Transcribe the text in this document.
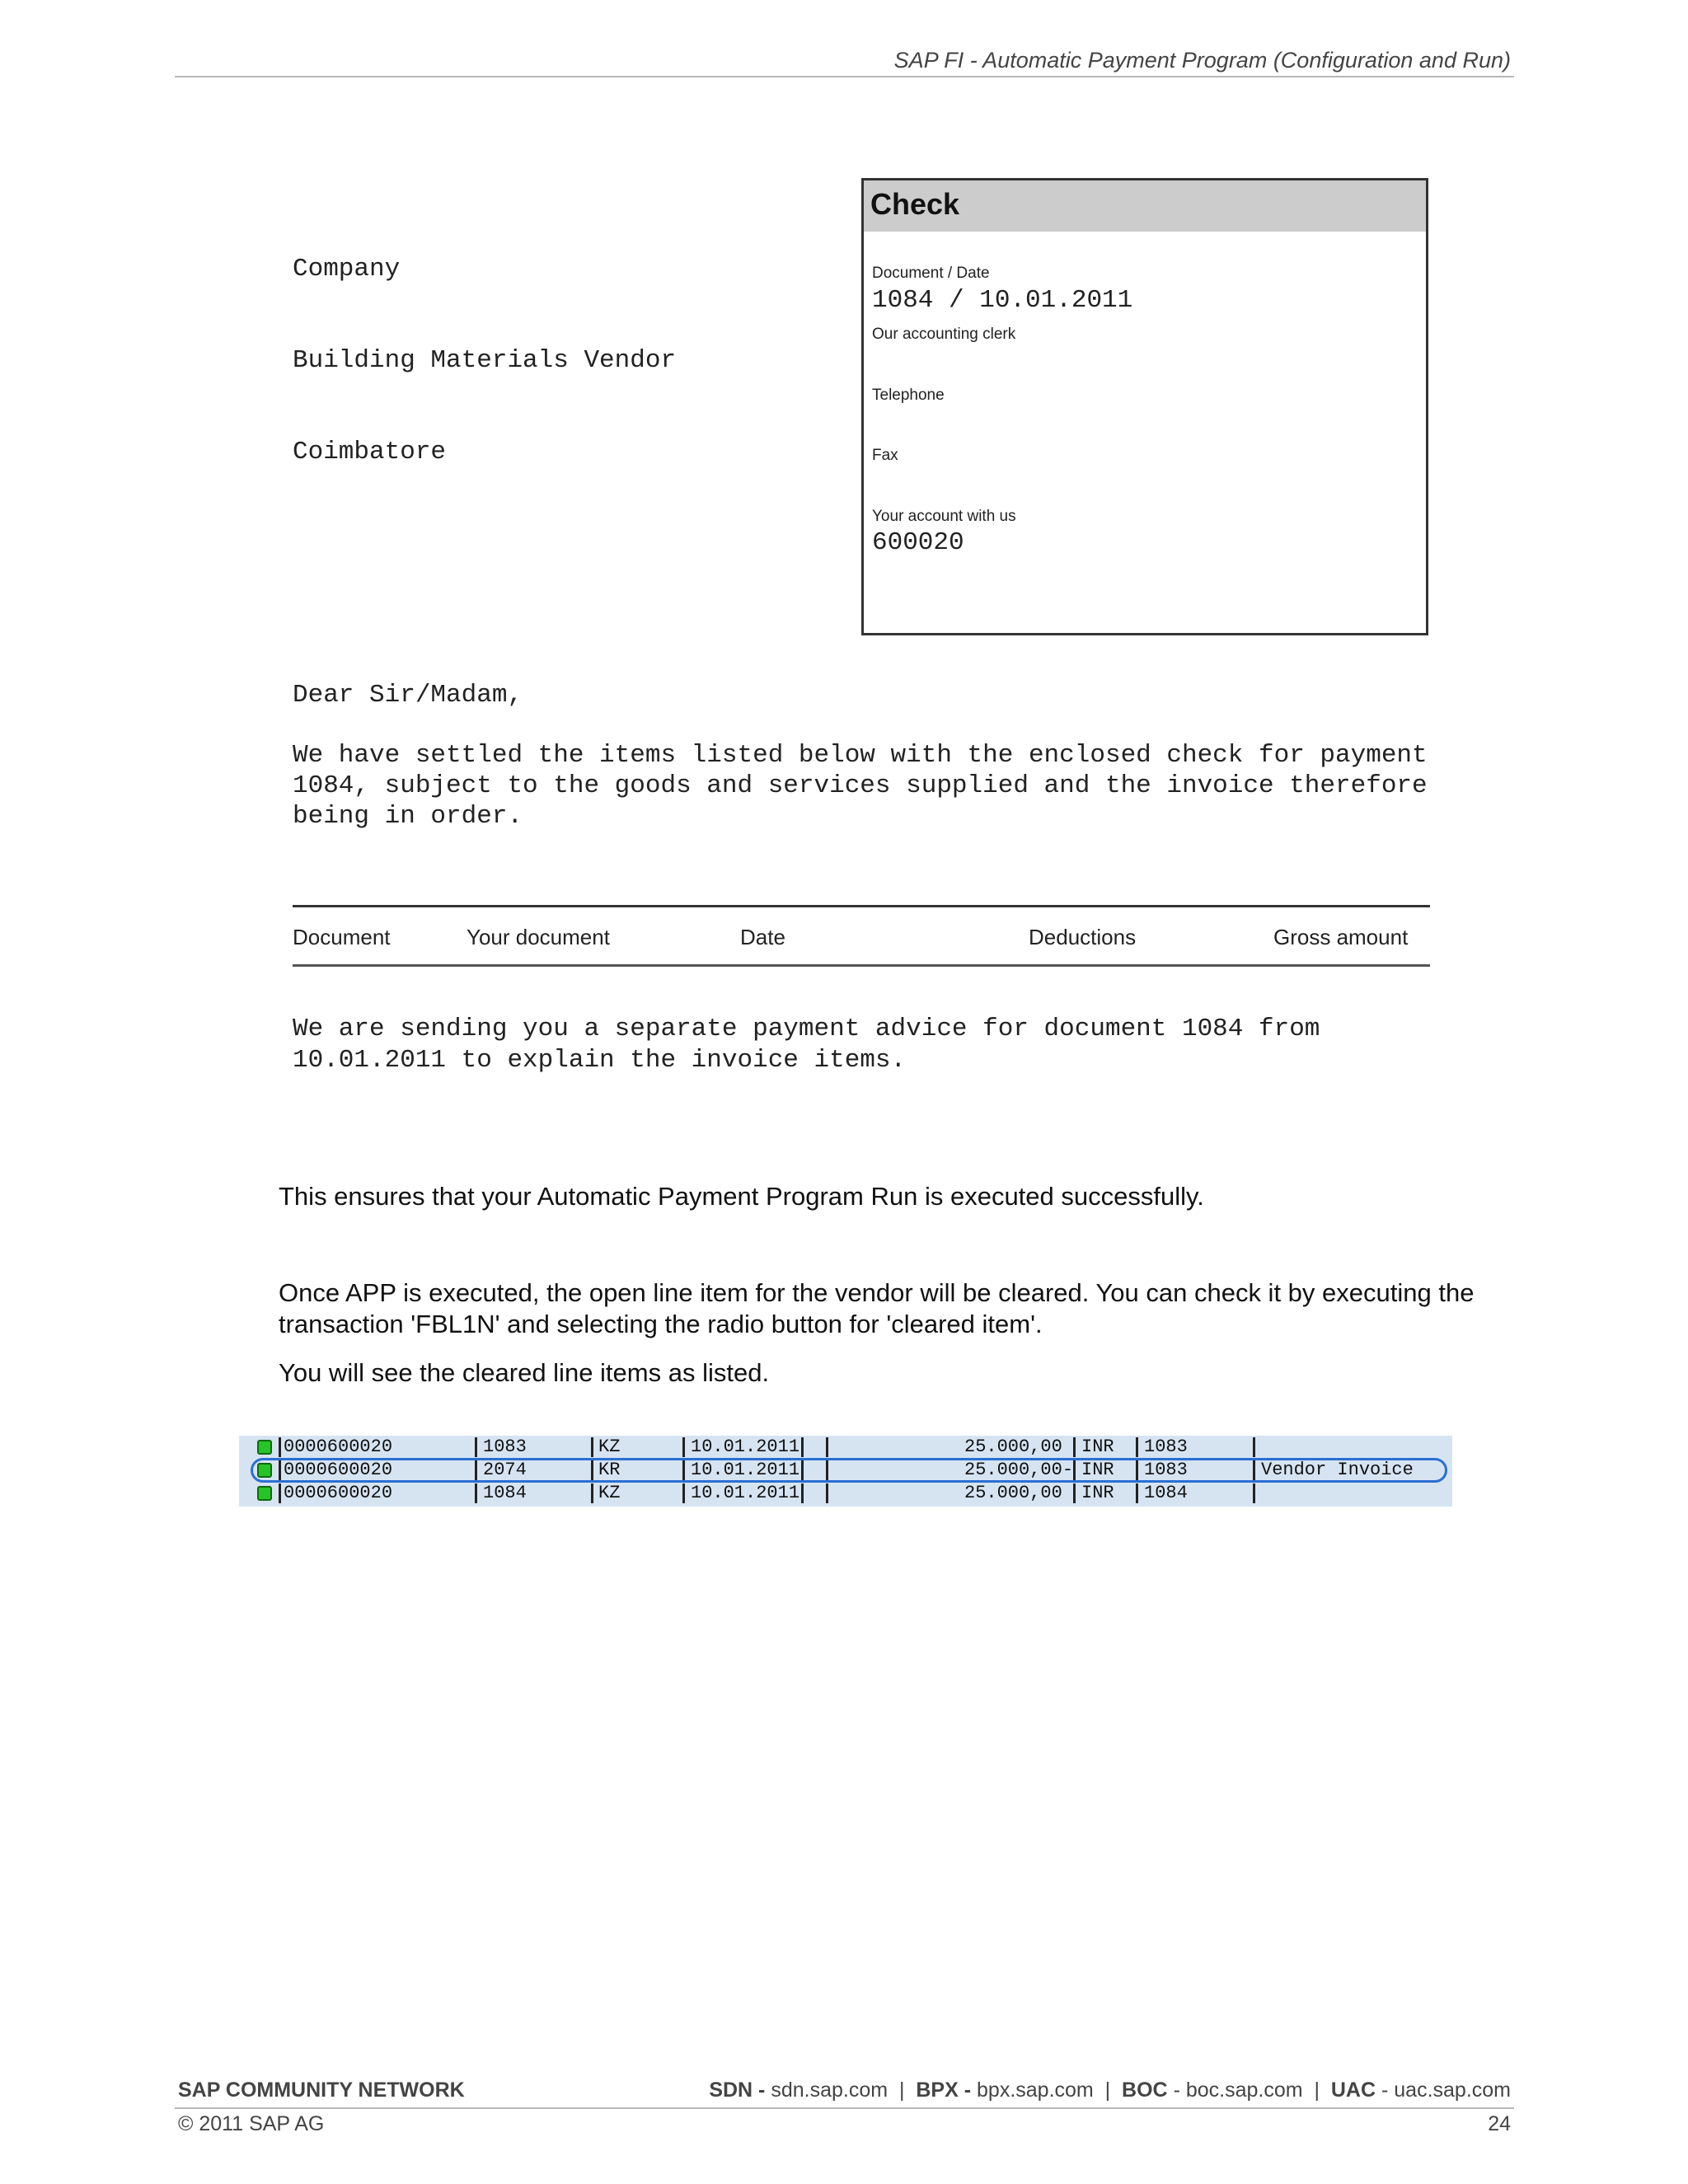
SAP FI - Automatic Payment Program (Configuration and Run)

Company

Building Materials Vendor

Coimbatore

Check
Document / Date
1084 / 10.01.2011
Our accounting clerk
Telephone
Fax
Your account with us
600020
Dear Sir/Madam,
We have settled the items listed below with the enclosed check for payment 1084, subject to the goods and services supplied and the invoice therefore being in order.
Document	Your document	Date	Deductions	Gross amount
We are sending you a separate payment advice for document 1084 from 10.01.2011 to explain the invoice items.
This ensures that your Automatic Payment Program Run is executed successfully.
Once APP is executed, the open line item for the vendor will be cleared. You can check it by executing the transaction 'FBL1N' and selecting the radio button for 'cleared item'.
You will see the cleared line items as listed.
0000600020	1083	KZ	10.01.2011	25.000,00 INR 1083
0000600020	2074	KR	10.01.2011	25.000,00- INR 1083	Vendor Invoice
0000600020	1084	KZ	10.01.2011	25.000,00 INR 1084
SAP COMMUNITY NETWORK	SDN - sdn.sap.com  |  BPX - bpx.sap.com  |  BOC - boc.sap.com  |  UAC - uac.sap.com
© 2011 SAP AG	24
